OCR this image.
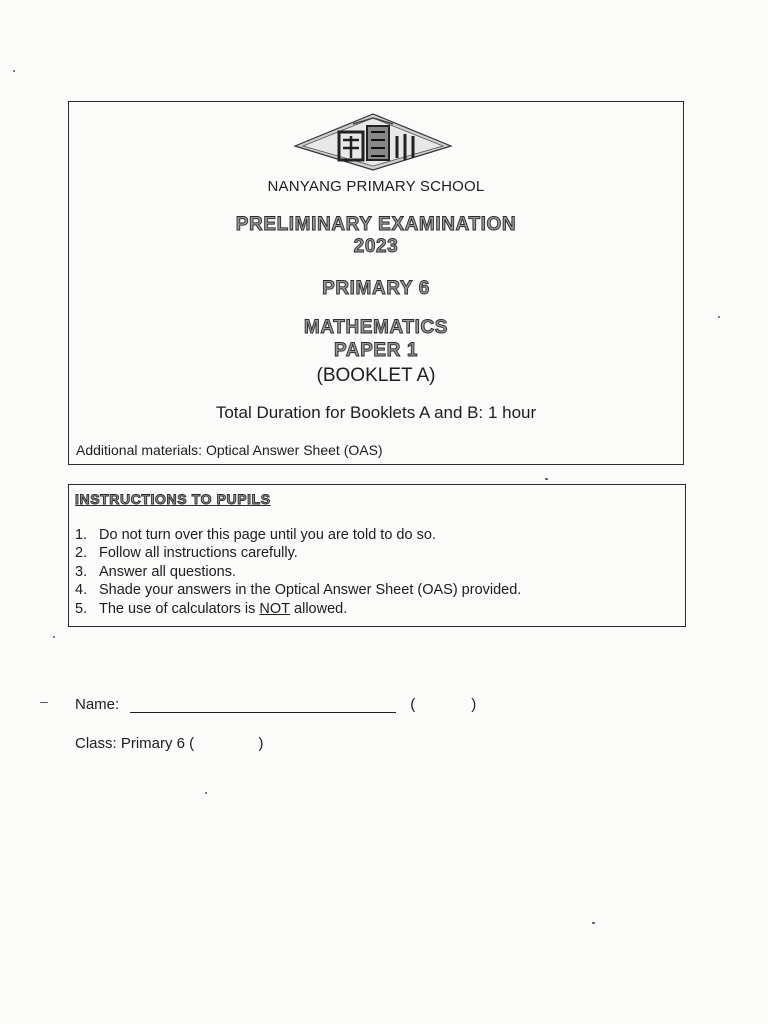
NANYANG PRIMARY SCHOOL
PRELIMINARY EXAMINATION
2023
PRIMARY 6
MATHEMATICS
PAPER 1
(BOOKLET A)
Total Duration for Booklets A and B: 1 hour
Additional materials: Optical Answer Sheet (OAS)
INSTRUCTIONS TO PUPILS
1. Do not turn over this page until you are told to do so.
2. Follow all instructions carefully.
3. Answer all questions.
4. Shade your answers in the Optical Answer Sheet (OAS) provided.
5. The use of calculators is NOT allowed.
Name:	(	)
Class: Primary 6 (	)
